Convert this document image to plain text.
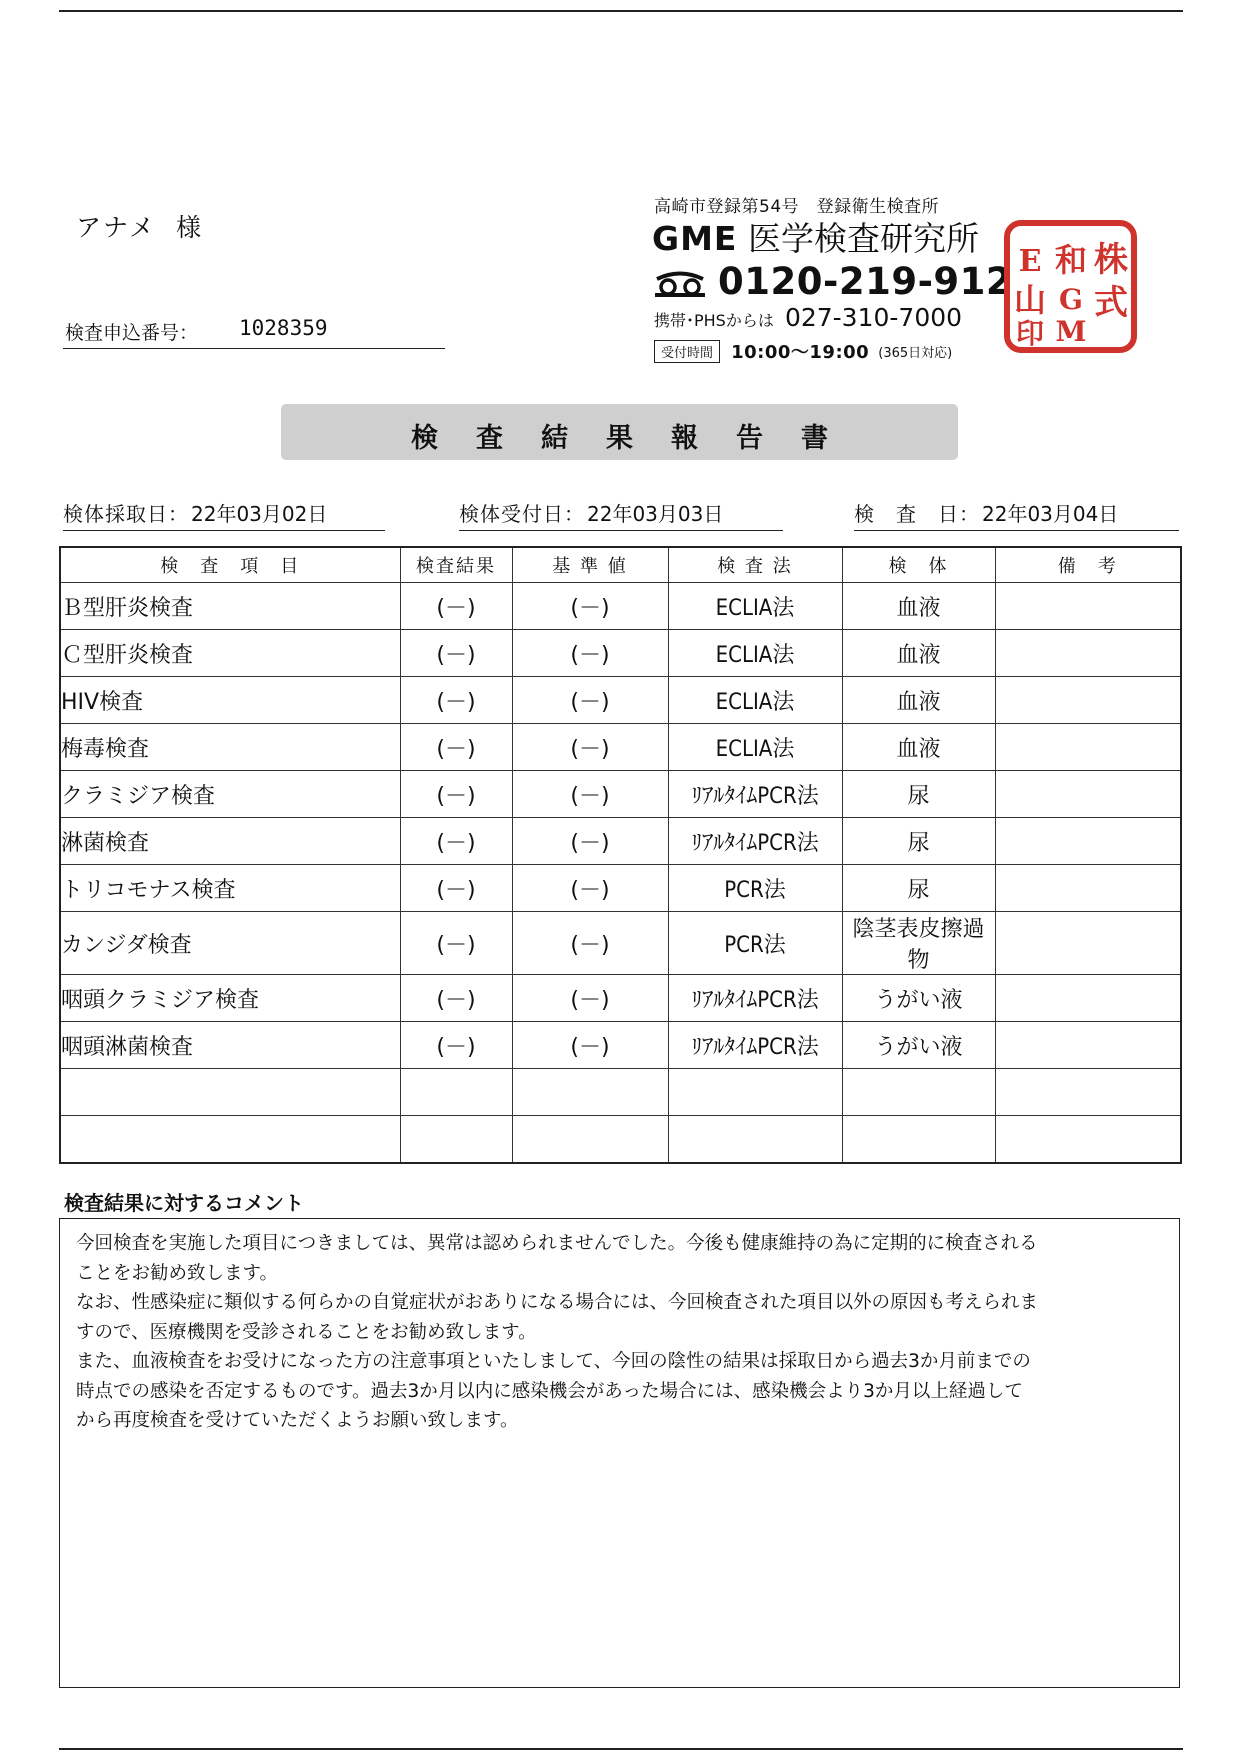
アナメ 様
検査申込番号： 1028359
高崎市登録第54号　登録衛生検査所
GME 医学検査研究所
0120-219-912
携帯･PHSからは 027-310-7000
受付時間 10:00～19:00 (365日対応)
株
式
和
G
M
E
山
印
検査結果報告書
検体採取日： 22年03月02日	検体受付日： 22年03月03日	検　査　日： 22年03月04日
検　査　項　目	検査結果	基 準 値	検 査 法	検　体	備　考
Ｂ型肝炎検査	(－)	(－)	ECLIA法	血液	
Ｃ型肝炎検査	(－)	(－)	ECLIA法	血液	
HIV検査	(－)	(－)	ECLIA法	血液	
梅毒検査	(－)	(－)	ECLIA法	血液	
クラミジア検査	(－)	(－)	ﾘｱﾙﾀｲﾑPCR法	尿	
淋菌検査	(－)	(－)	ﾘｱﾙﾀｲﾑPCR法	尿	
トリコモナス検査	(－)	(－)	PCR法	尿	
カンジダ検査	(－)	(－)	PCR法	陰茎表皮擦過物	
咽頭クラミジア検査	(－)	(－)	ﾘｱﾙﾀｲﾑPCR法	うがい液	
咽頭淋菌検査	(－)	(－)	ﾘｱﾙﾀｲﾑPCR法	うがい液	

検査結果に対するコメント

今回検査を実施した項目につきましては、異常は認められませんでした。今後も健康維持の為に定期的に検査される

ことをお勧め致します。

なお、性感染症に類似する何らかの自覚症状がおありになる場合には、今回検査された項目以外の原因も考えられま

すので、医療機関を受診されることをお勧め致します。

また、血液検査をお受けになった方の注意事項といたしまして、今回の陰性の結果は採取日から過去3か月前までの

時点での感染を否定するものです。過去3か月以内に感染機会があった場合には、感染機会より3か月以上経過して

から再度検査を受けていただくようお願い致します。
